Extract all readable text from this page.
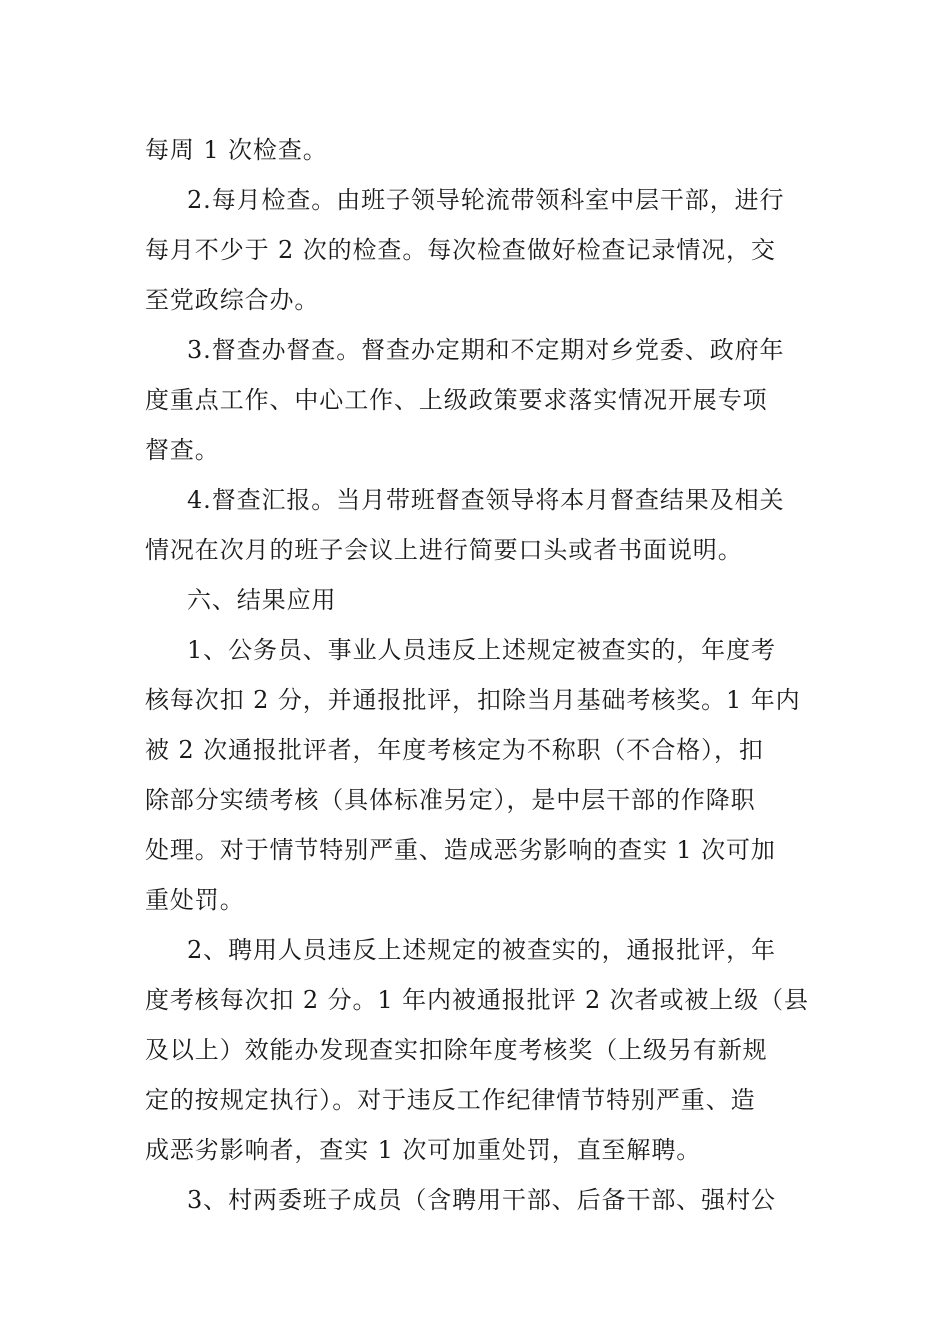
每周 1 次检查。
2.每月检查。由班子领导轮流带领科室中层干部，进行
每月不少于 2 次的检查。每次检查做好检查记录情况，交
至党政综合办。
3.督查办督查。督查办定期和不定期对乡党委、政府年
度重点工作、中心工作、上级政策要求落实情况开展专项
督查。
4.督查汇报。当月带班督查领导将本月督查结果及相关
情况在次月的班子会议上进行简要口头或者书面说明。
六、结果应用
1、公务员、事业人员违反上述规定被查实的，年度考
核每次扣 2 分，并通报批评，扣除当月基础考核奖。1 年内
被 2 次通报批评者，年度考核定为不称职（不合格），扣
除部分实绩考核（具体标准另定），是中层干部的作降职
处理。对于情节特别严重、造成恶劣影响的查实 1 次可加
重处罚。
2、聘用人员违反上述规定的被查实的，通报批评，年
度考核每次扣 2 分。1 年内被通报批评 2 次者或被上级（县
及以上）效能办发现查实扣除年度考核奖（上级另有新规
定的按规定执行）。对于违反工作纪律情节特别严重、造
成恶劣影响者，查实 1 次可加重处罚，直至解聘。
3、村两委班子成员（含聘用干部、后备干部、强村公
